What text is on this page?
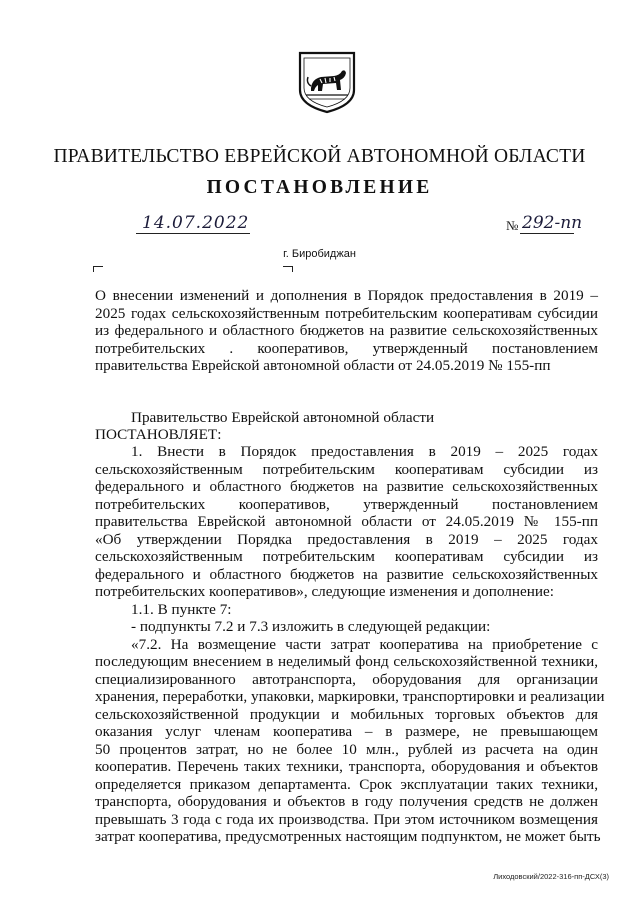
ПРАВИТЕЛЬСТВО ЕВРЕЙСКОЙ АВТОНОМНОЙ ОБЛАСТИ
ПОСТАНОВЛЕНИЕ
14.07.2022	№ 292-пп
г. Биробиджан
О внесении изменений и дополнения в Порядок предоставления в 2019 –
2025 годах сельскохозяйственным потребительским кооперативам субсидии
из федерального и областного бюджетов на развитие сельскохозяйственных
потребительских . кооперативов, утвержденный постановлением
правительства Еврейской автономной области от 24.05.2019 № 155-пп
Правительство Еврейской автономной области
ПОСТАНОВЛЯЕТ:
1. Внести в Порядок предоставления в 2019 – 2025 годах
сельскохозяйственным потребительским кооперативам субсидии из
федерального и областного бюджетов на развитие сельскохозяйственных
потребительских кооперативов, утвержденный постановлением
правительства Еврейской автономной области от 24.05.2019 № 155-пп
«Об утверждении Порядка предоставления в 2019 – 2025 годах
сельскохозяйственным потребительским кооперативам субсидии из
федерального и областного бюджетов на развитие сельскохозяйственных
потребительских кооперативов», следующие изменения и дополнение:
1.1. В пункте 7:
- подпункты 7.2 и 7.3 изложить в следующей редакции:
«7.2. На возмещение части затрат кооператива на приобретение с
последующим внесением в неделимый фонд сельскохозяйственной техники,
специализированного автотранспорта, оборудования для организации
хранения, переработки, упаковки, маркировки, транспортировки и реализации
сельскохозяйственной продукции и мобильных торговых объектов для
оказания услуг членам кооператива – в размере, не превышающем
50 процентов затрат, но не более 10 млн., рублей из расчета на один
кооператив. Перечень таких техники, транспорта, оборудования и объектов
определяется приказом департамента. Срок эксплуатации таких техники,
транспорта, оборудования и объектов в году получения средств не должен
превышать 3 года с года их производства. При этом источником возмещения
затрат кооператива, предусмотренных настоящим подпунктом, не может быть
Лиходовский/2022-316-пп-ДСХ(3)
